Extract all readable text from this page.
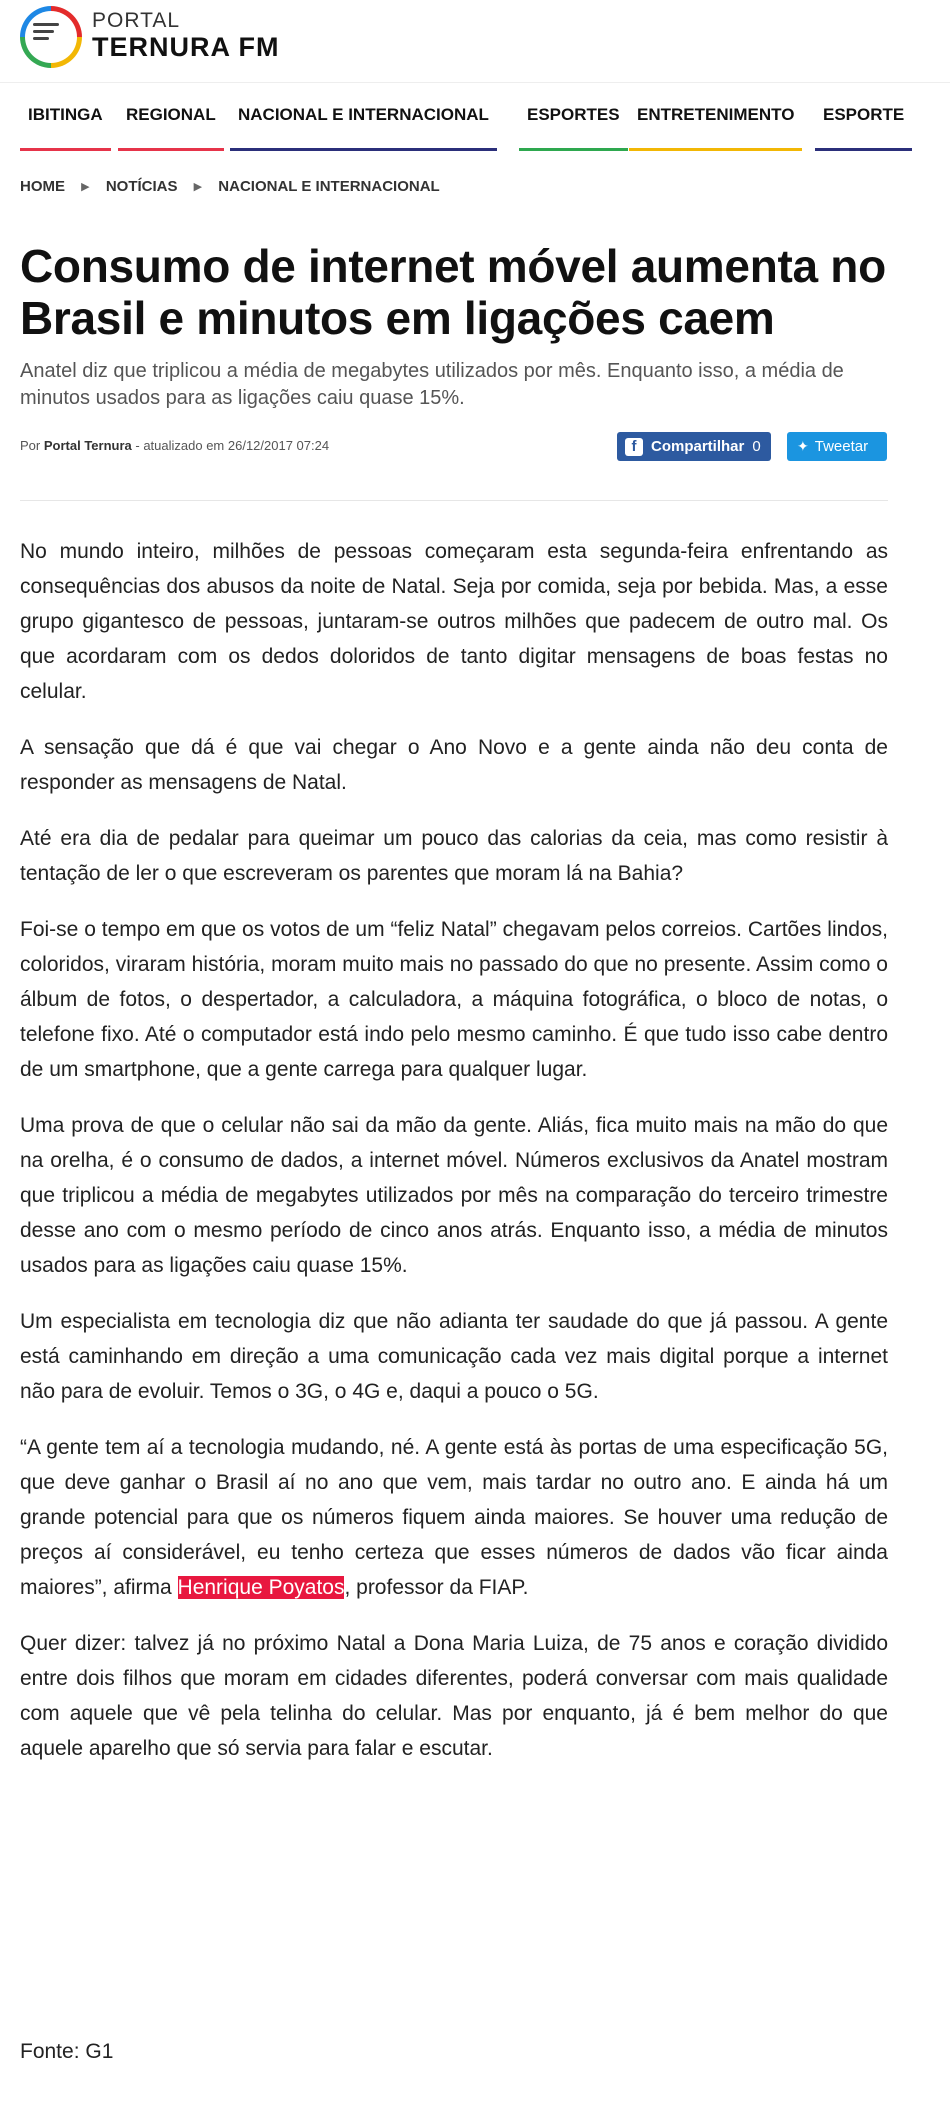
PORTAL
TERNURA FM
IBITINGA REGIONAL NACIONAL E INTERNACIONAL ESPORTES ENTRETENIMENTO ESPORTE
HOME ▶ NOTÍCIAS ▶ NACIONAL E INTERNACIONAL
Consumo de internet móvel aumenta no Brasil e minutos em ligações caem

Anatel diz que triplicou a média de megabytes utilizados por mês. Enquanto isso, a média de minutos usados para as ligações caiu quase 15%.

Por Portal Ternura - atualizado em 26/12/2017 07:24	f Compartilhar 0	✦ Tweetar

No mundo inteiro, milhões de pessoas começaram esta segunda-feira enfrentando as consequências dos abusos da noite de Natal. Seja por comida, seja por bebida. Mas, a esse grupo gigantesco de pessoas, juntaram-se outros milhões que padecem de outro mal. Os que acordaram com os dedos doloridos de tanto digitar mensagens de boas festas no celular.

A sensação que dá é que vai chegar o Ano Novo e a gente ainda não deu conta de responder as mensagens de Natal.

Até era dia de pedalar para queimar um pouco das calorias da ceia, mas como resistir à tentação de ler o que escreveram os parentes que moram lá na Bahia?

Foi-se o tempo em que os votos de um “feliz Natal” chegavam pelos correios. Cartões lindos, coloridos, viraram história, moram muito mais no passado do que no presente. Assim como o álbum de fotos, o despertador, a calculadora, a máquina fotográfica, o bloco de notas, o telefone fixo. Até o computador está indo pelo mesmo caminho. É que tudo isso cabe dentro de um smartphone, que a gente carrega para qualquer lugar.

Uma prova de que o celular não sai da mão da gente. Aliás, fica muito mais na mão do que na orelha, é o consumo de dados, a internet móvel. Números exclusivos da Anatel mostram que triplicou a média de megabytes utilizados por mês na comparação do terceiro trimestre desse ano com o mesmo período de cinco anos atrás. Enquanto isso, a média de minutos usados para as ligações caiu quase 15%.

Um especialista em tecnologia diz que não adianta ter saudade do que já passou. A gente está caminhando em direção a uma comunicação cada vez mais digital porque a internet não para de evoluir. Temos o 3G, o 4G e, daqui a pouco o 5G.

“A gente tem aí a tecnologia mudando, né. A gente está às portas de uma especificação 5G, que deve ganhar o Brasil aí no ano que vem, mais tardar no outro ano. E ainda há um grande potencial para que os números fiquem ainda maiores. Se houver uma redução de preços aí considerável, eu tenho certeza que esses números de dados vão ficar ainda maiores”, afirma Henrique Poyatos, professor da FIAP.

Quer dizer: talvez já no próximo Natal a Dona Maria Luiza, de 75 anos e coração dividido entre dois filhos que moram em cidades diferentes, poderá conversar com mais qualidade com aquele que vê pela telinha do celular. Mas por enquanto, já é bem melhor do que aquele aparelho que só servia para falar e escutar.

Fonte: G1
